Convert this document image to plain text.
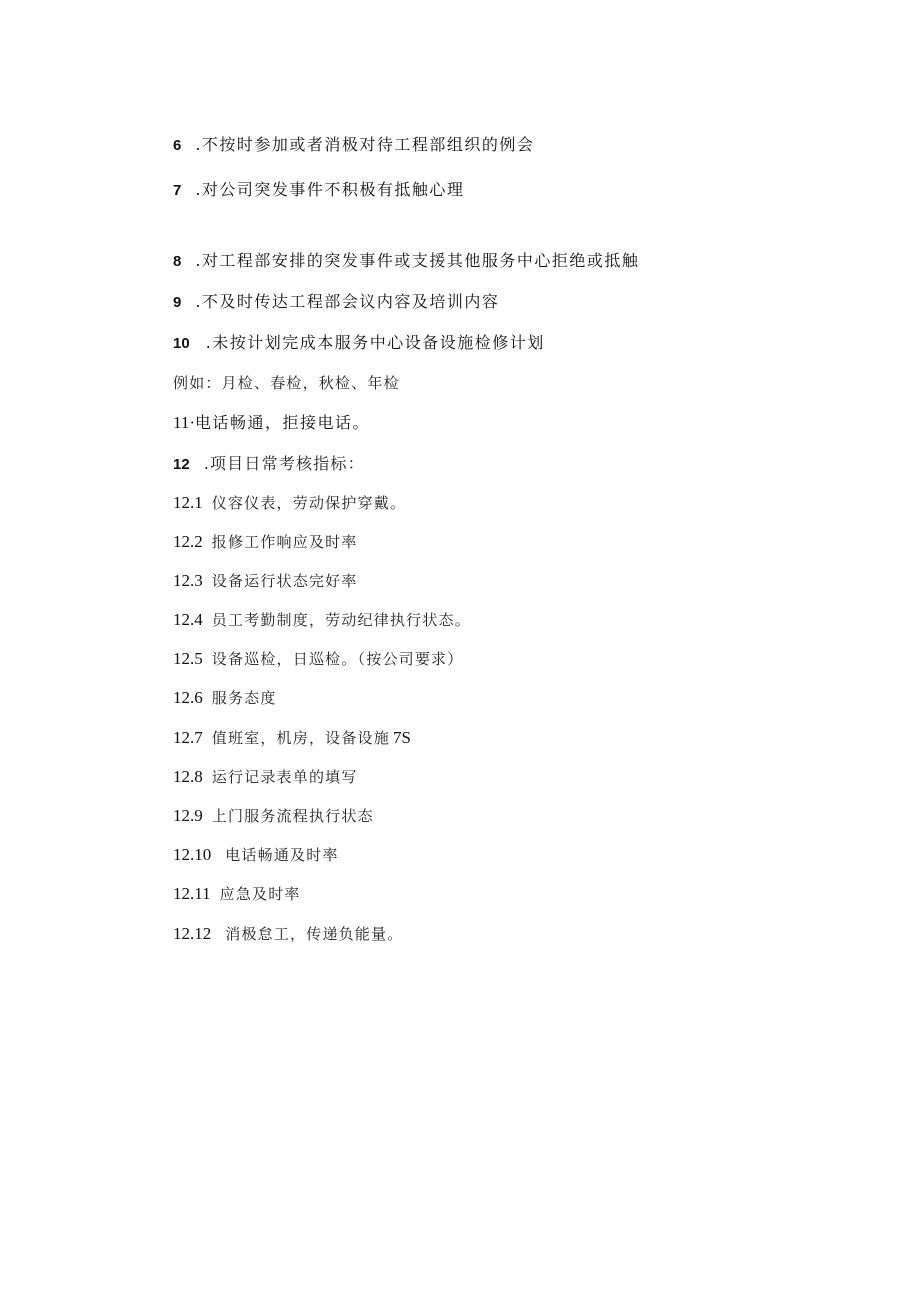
6 .不按时参加或者消极对待工程部组织的例会
7 .对公司突发事件不积极有抵触心理
8 .对工程部安排的突发事件或支援其他服务中心拒绝或抵触
9 .不及时传达工程部会议内容及培训内容
10 .未按计划完成本服务中心设备设施检修计划
例如：月检、春检，秋检、年检
11·电话畅通，拒接电话。
12 .项目日常考核指标：
12.1 仪容仪表，劳动保护穿戴。
12.2 报修工作响应及时率
12.3 设备运行状态完好率
12.4 员工考勤制度，劳动纪律执行状态。
12.5 设备巡检，日巡检。（按公司要求）
12.6 服务态度
12.7 值班室，机房，设备设施 7S
12.8 运行记录表单的填写
12.9 上门服务流程执行状态
12.10 电话畅通及时率
12.11 应急及时率
12.12 消极怠工，传递负能量。
